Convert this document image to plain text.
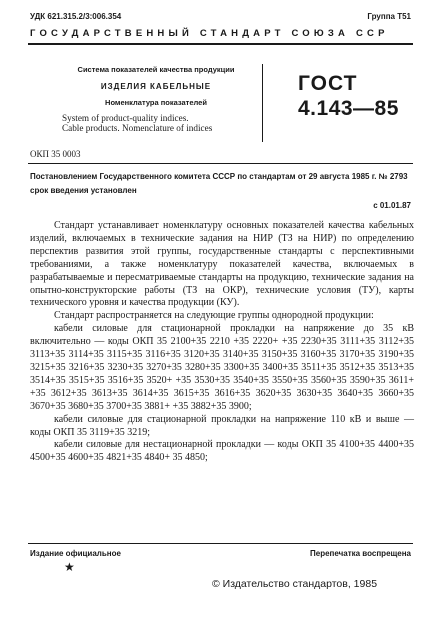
УДК 621.315.2/3:006.354	Группа Т51
ГОСУДАРСТВЕННЫЙ СТАНДАРТ СОЮЗА ССР
Система показателей качества продукции
ИЗДЕЛИЯ КАБЕЛЬНЫЕ
Номенклатура показателей
System of product-quality indices.
Cable products. Nomenclature of indices
ГОСТ
4.143—85
ОКП 35 0003
Постановлением Государственного комитета СССР по стандартам от 29 августа 1985 г. № 2793 срок введения установлен
с 01.01.87

Стандарт устанавливает номенклатуру основных показателей качества кабельных изделий, включаемых в технические задания на НИР (ТЗ на НИР) по определению перспектив развития этой группы, государственные стандарты с перспективными требованиями, а также номенклатуру показателей качества, включаемых в разрабатываемые и пересматриваемые стандарты на продукцию, технические задания на опытно-конструкторские работы (ТЗ на ОКР), технические условия (ТУ), карты технического уровня и качества продукции (КУ).

Стандарт распространяется на следующие группы однородной продукции:

кабели силовые для стационарной прокладки на напряжение до 35 кВ включительно — коды ОКП 35 2100+35 2210 +35 2220+ +35 2230+35 3111+35 3112+35 3113+35 3114+35 3115+35 3116+35 3120+35 3140+35 3150+35 3160+35 3170+35 3190+35 3215+35 3216+35 3230+35 3270+35 3280+35 3300+35 3400+35 3511+35 3512+35 3513+35 3514+35 3515+35 3516+35 3520+ +35 3530+35 3540+35 3550+35 3560+35 3590+35 3611+ +35 3612+35 3613+35 3614+35 3615+35 3616+35 3620+35 3630+35 3640+35 3660+35 3670+35 3680+35 3700+35 3881+ +35 3882+35 3900;

кабели силовые для стационарной прокладки на напряжение 110 кВ и выше — коды ОКП 35 3119+35 3219;

кабели силовые для нестационарной прокладки — коды ОКП 35 4100+35 4400+35 4500+35 4600+35 4821+35 4840+ 35 4850;

Издание официальное	Перепечатка воспрещена
★
© Издательство стандартов, 1985
